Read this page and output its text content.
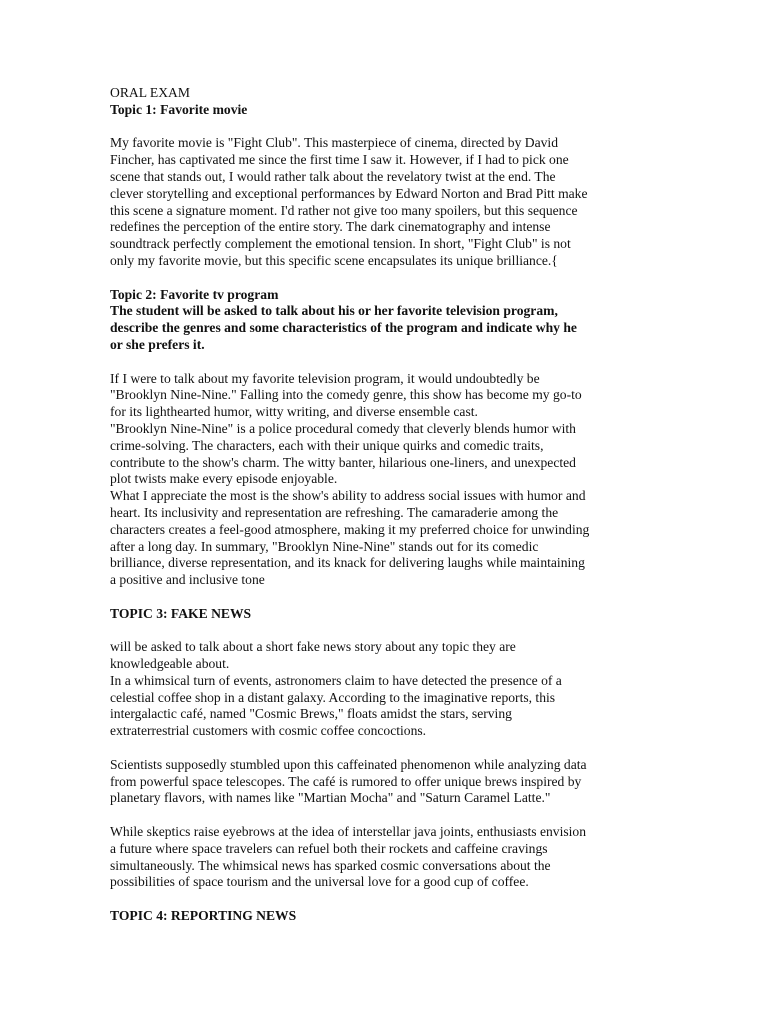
ORAL EXAM
Topic 1: Favorite movie
My favorite movie is "Fight Club". This masterpiece of cinema, directed by David
Fincher, has captivated me since the first time I saw it. However, if I had to pick one
scene that stands out, I would rather talk about the revelatory twist at the end. The
clever storytelling and exceptional performances by Edward Norton and Brad Pitt make
this scene a signature moment. I'd rather not give too many spoilers, but this sequence
redefines the perception of the entire story. The dark cinematography and intense
soundtrack perfectly complement the emotional tension. In short, "Fight Club" is not
only my favorite movie, but this specific scene encapsulates its unique brilliance.{
Topic 2: Favorite tv program
The student will be asked to talk about his or her favorite television program,
describe the genres and some characteristics of the program and indicate why he
or she prefers it.
If I were to talk about my favorite television program, it would undoubtedly be
"Brooklyn Nine-Nine." Falling into the comedy genre, this show has become my go-to
for its lighthearted humor, witty writing, and diverse ensemble cast.
"Brooklyn Nine-Nine" is a police procedural comedy that cleverly blends humor with
crime-solving. The characters, each with their unique quirks and comedic traits,
contribute to the show's charm. The witty banter, hilarious one-liners, and unexpected
plot twists make every episode enjoyable.
What I appreciate the most is the show's ability to address social issues with humor and
heart. Its inclusivity and representation are refreshing. The camaraderie among the
characters creates a feel-good atmosphere, making it my preferred choice for unwinding
after a long day. In summary, "Brooklyn Nine-Nine" stands out for its comedic
brilliance, diverse representation, and its knack for delivering laughs while maintaining
a positive and inclusive tone
TOPIC 3: FAKE NEWS
will be asked to talk about a short fake news story about any topic they are
knowledgeable about.
In a whimsical turn of events, astronomers claim to have detected the presence of a
celestial coffee shop in a distant galaxy. According to the imaginative reports, this
intergalactic café, named "Cosmic Brews," floats amidst the stars, serving
extraterrestrial customers with cosmic coffee concoctions.
Scientists supposedly stumbled upon this caffeinated phenomenon while analyzing data
from powerful space telescopes. The café is rumored to offer unique brews inspired by
planetary flavors, with names like "Martian Mocha" and "Saturn Caramel Latte."
While skeptics raise eyebrows at the idea of interstellar java joints, enthusiasts envision
a future where space travelers can refuel both their rockets and caffeine cravings
simultaneously. The whimsical news has sparked cosmic conversations about the
possibilities of space tourism and the universal love for a good cup of coffee.
TOPIC 4: REPORTING NEWS
